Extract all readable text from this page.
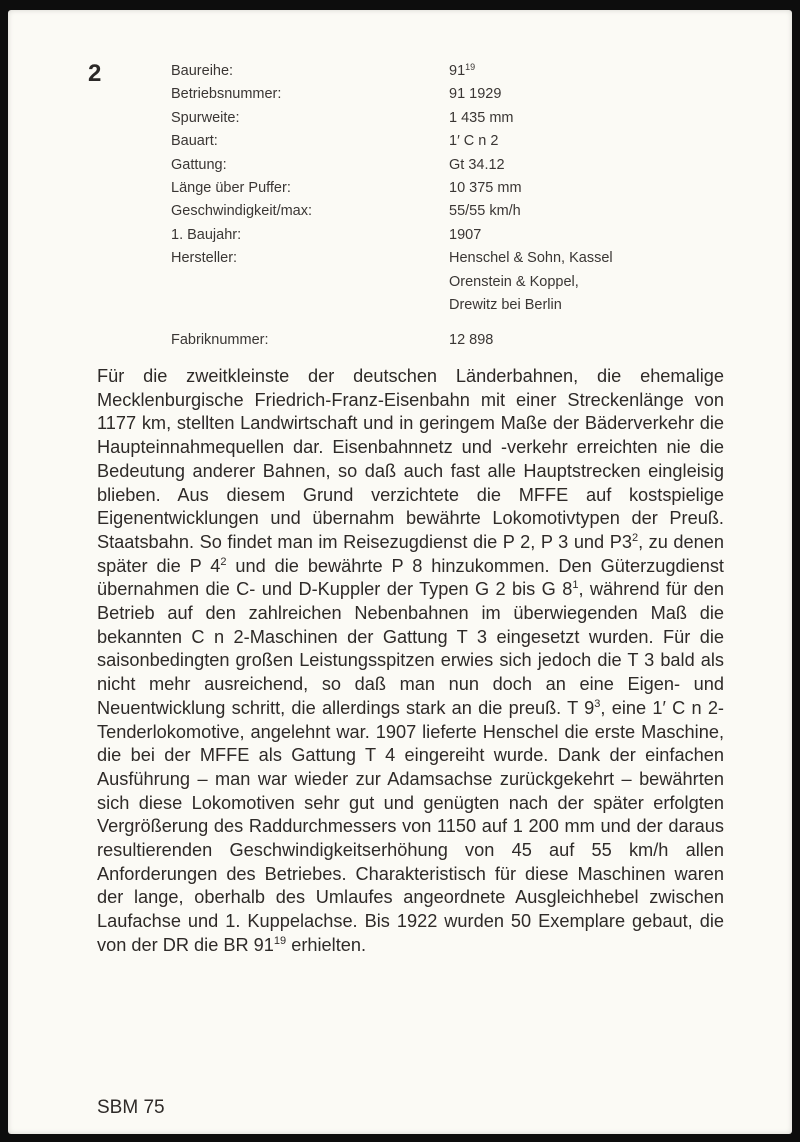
2	Baureihe:	$91^{19}$
Betriebsnummer:	91 1929
Spurweite:	1 435 mm
Bauart:	1′ C n 2
Gattung:	Gt 34.12
Länge über Puffer:	10 375 mm
Geschwindigkeit/max:	55/55 km/h
1. Baujahr:	1907
Hersteller:	Henschel & Sohn, Kassel
Orenstein & Koppel,
Drewitz bei Berlin
Fabriknummer:	12 898

Für die zweitkleinste der deutschen Länderbahnen, die ehemalige Mecklenburgische Friedrich-Franz-Eisenbahn mit einer Streckenlänge von 1177 km, stellten Landwirtschaft und in geringem Maße der Bäderverkehr die Haupteinnahmequellen dar. Eisenbahnnetz und -verkehr erreichten nie die Bedeutung anderer Bahnen, so daß auch fast alle Hauptstrecken eingleisig blieben. Aus diesem Grund verzichtete die MFFE auf kostspielige Eigenentwicklungen und übernahm bewährte Lokomotivtypen der Preuß. Staatsbahn. So findet man im Reisezugdienst die P 2, P 3 und $P3^2$, zu denen später die P $4^2$ und die bewährte P 8 hinzukommen. Den Güterzugdienst übernahmen die C- und D-Kuppler der Typen G 2 bis G $8^1$, während für den Betrieb auf den zahlreichen Nebenbahnen im überwiegenden Maß die bekannten C n 2-Maschinen der Gattung T 3 eingesetzt wurden. Für die saisonbedingten großen Leistungsspitzen erwies sich jedoch die T 3 bald als nicht mehr ausreichend, so daß man nun doch an eine Eigen- und Neuentwicklung schritt, die allerdings stark an die preuß. T $9^3$, eine 1′ C n 2-Tenderlokomotive, angelehnt war. 1907 lieferte Henschel die erste Maschine, die bei der MFFE als Gattung T 4 eingereiht wurde. Dank der einfachen Ausführung – man war wieder zur Adamsachse zurückgekehrt – bewährten sich diese Lokomotiven sehr gut und genügten nach der später erfolgten Vergrößerung des Raddurchmessers von 1150 auf 1 200 mm und der daraus resultierenden Geschwindigkeitserhöhung von 45 auf 55 km/h allen Anforderungen des Betriebes. Charakteristisch für diese Maschinen waren der lange, oberhalb des Umlaufes angeordnete Ausgleichhebel zwischen Laufachse und 1. Kuppelachse. Bis 1922 wurden 50 Exemplare gebaut, die von der DR die BR $91^{19}$ erhielten.

SBM 75
